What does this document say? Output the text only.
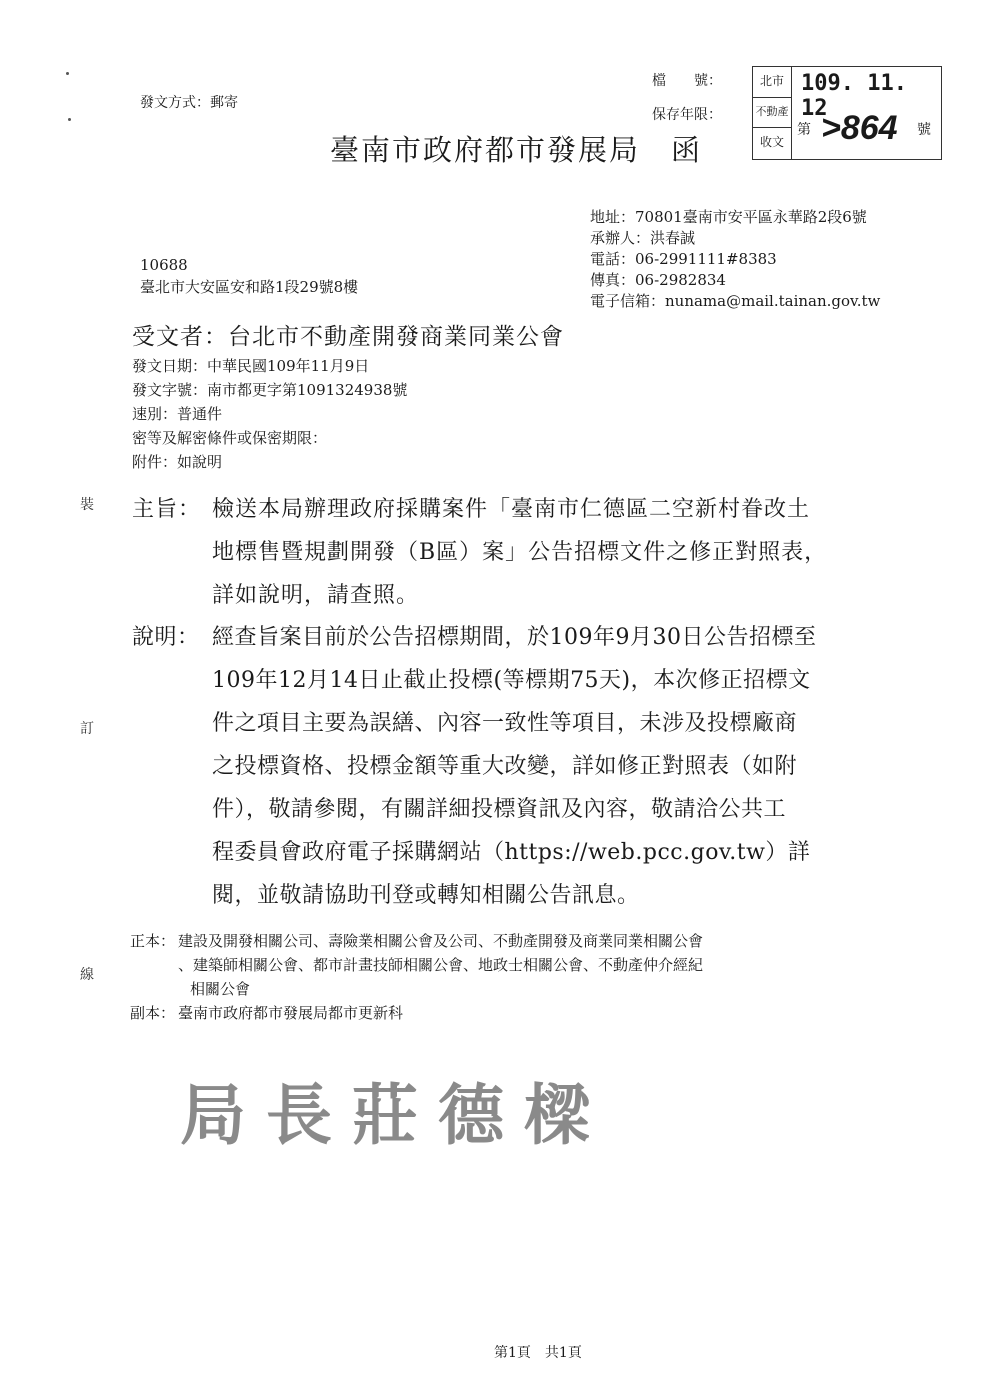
裝
訂
線
發文方式：郵寄
檔　　號：
保存年限：
臺南市政府都市發展局　函
北市
不動產
收文
109. 11. 12
第 >864 號
地址：70801臺南市安平區永華路2段6號
承辦人：洪春誠
電話：06-2991111#8383
傳真：06-2982834
電子信箱：nunama@mail.tainan.gov.tw
10688
臺北市大安區安和路1段29號8樓
受文者：台北市不動產開發商業同業公會
發文日期：中華民國109年11月9日
發文字號：南市都更字第1091324938號
速別：普通件
密等及解密條件或保密期限：
附件：如說明
主旨： 檢送本局辦理政府採購案件「臺南市仁德區二空新村眷改土
地標售暨規劃開發（B區）案」公告招標文件之修正對照表，
詳如說明，請查照。
說明： 經查旨案目前於公告招標期間，於109年9月30日公告招標至
109年12月14日止截止投標(等標期75天)，本次修正招標文
件之項目主要為誤繕、內容一致性等項目，未涉及投標廠商
之投標資格、投標金額等重大改變，詳如修正對照表（如附
件），敬請參閱，有關詳細投標資訊及內容，敬請洽公共工
程委員會政府電子採購網站（https://web.pcc.gov.tw）詳
閱，並敬請協助刊登或轉知相關公告訊息。
正本： 建設及開發相關公司、壽險業相關公會及公司、不動產開發及商業同業相關公會
、建築師相關公會、都市計畫技師相關公會、地政士相關公會、不動產仲介經紀
相關公會
副本： 臺南市政府都市發展局都市更新科
局長莊德樑
第1頁　共1頁
